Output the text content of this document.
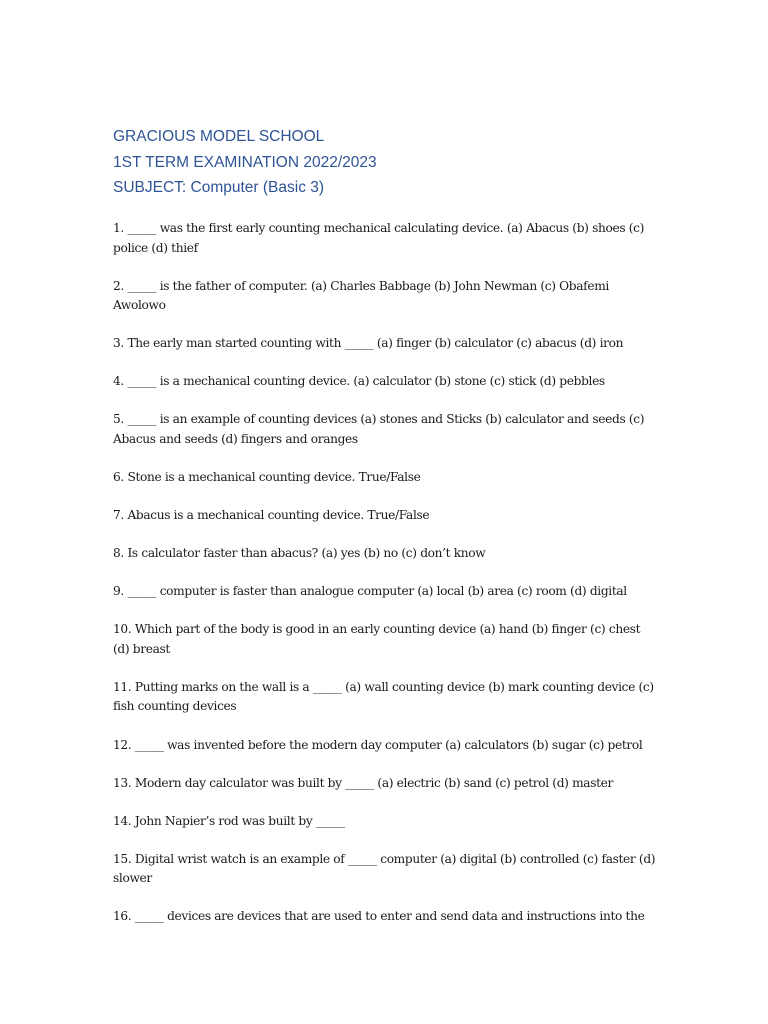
GRACIOUS MODEL SCHOOL
1ST TERM EXAMINATION 2022/2023
SUBJECT: Computer (Basic 3)

1. _____ was the first early counting mechanical calculating device. (a) Abacus (b) shoes (c) police (d) thief

2. _____ is the father of computer. (a) Charles Babbage (b) John Newman (c) Obafemi Awolowo

3. The early man started counting with _____ (a) finger (b) calculator (c) abacus (d) iron

4. _____ is a mechanical counting device. (a) calculator (b) stone (c) stick (d) pebbles

5. _____ is an example of counting devices (a) stones and Sticks (b) calculator and seeds (c) Abacus and seeds (d) fingers and oranges

6. Stone is a mechanical counting device. True/False

7. Abacus is a mechanical counting device. True/False

8. Is calculator faster than abacus? (a) yes (b) no (c) don’t know

9. _____ computer is faster than analogue computer (a) local (b) area (c) room (d) digital

10. Which part of the body is good in an early counting device (a) hand (b) finger (c) chest (d) breast

11. Putting marks on the wall is a _____ (a) wall counting device (b) mark counting device (c) fish counting devices

12. _____ was invented before the modern day computer (a) calculators (b) sugar (c) petrol

13. Modern day calculator was built by _____ (a) electric (b) sand (c) petrol (d) master

14. John Napier’s rod was built by _____

15. Digital wrist watch is an example of _____ computer (a) digital (b) controlled (c) faster (d) slower

16. _____ devices are devices that are used to enter and send data and instructions into the
